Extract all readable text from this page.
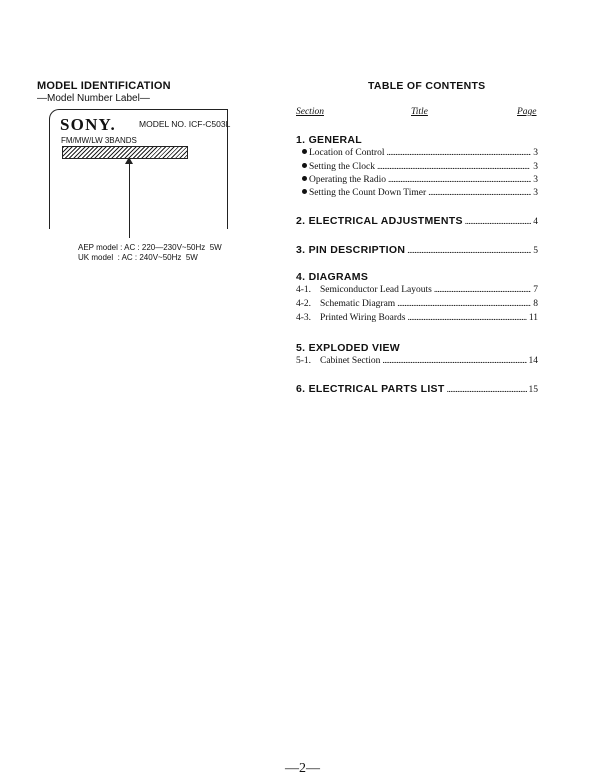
MODEL IDENTIFICATION
—Model Number Label—
SONY.	MODEL NO. ICF-C503L
FM/MW/LW 3BANDS
AEP model : AC : 220—230V~50Hz  5W
UK model  : AC : 240V~50Hz  5W
TABLE OF CONTENTS
Section	Title	Page
1. GENERAL
Location of Control . . .	3
Setting the Clock . . .	3
Operating the Radio . . .	3
Setting the Count Down Timer . . .	3
2. ELECTRICAL ADJUSTMENTS . . .	4
3. PIN DESCRIPTION . . .	5
4. DIAGRAMS
4-1. Semiconductor Lead Layouts . . .	7
4-2. Schematic Diagram . . .	8
4-3. Printed Wiring Boards . . .	11
5. EXPLODED VIEW
5-1. Cabinet Section . . .	14
6. ELECTRICAL PARTS LIST . . .	15
—2—
